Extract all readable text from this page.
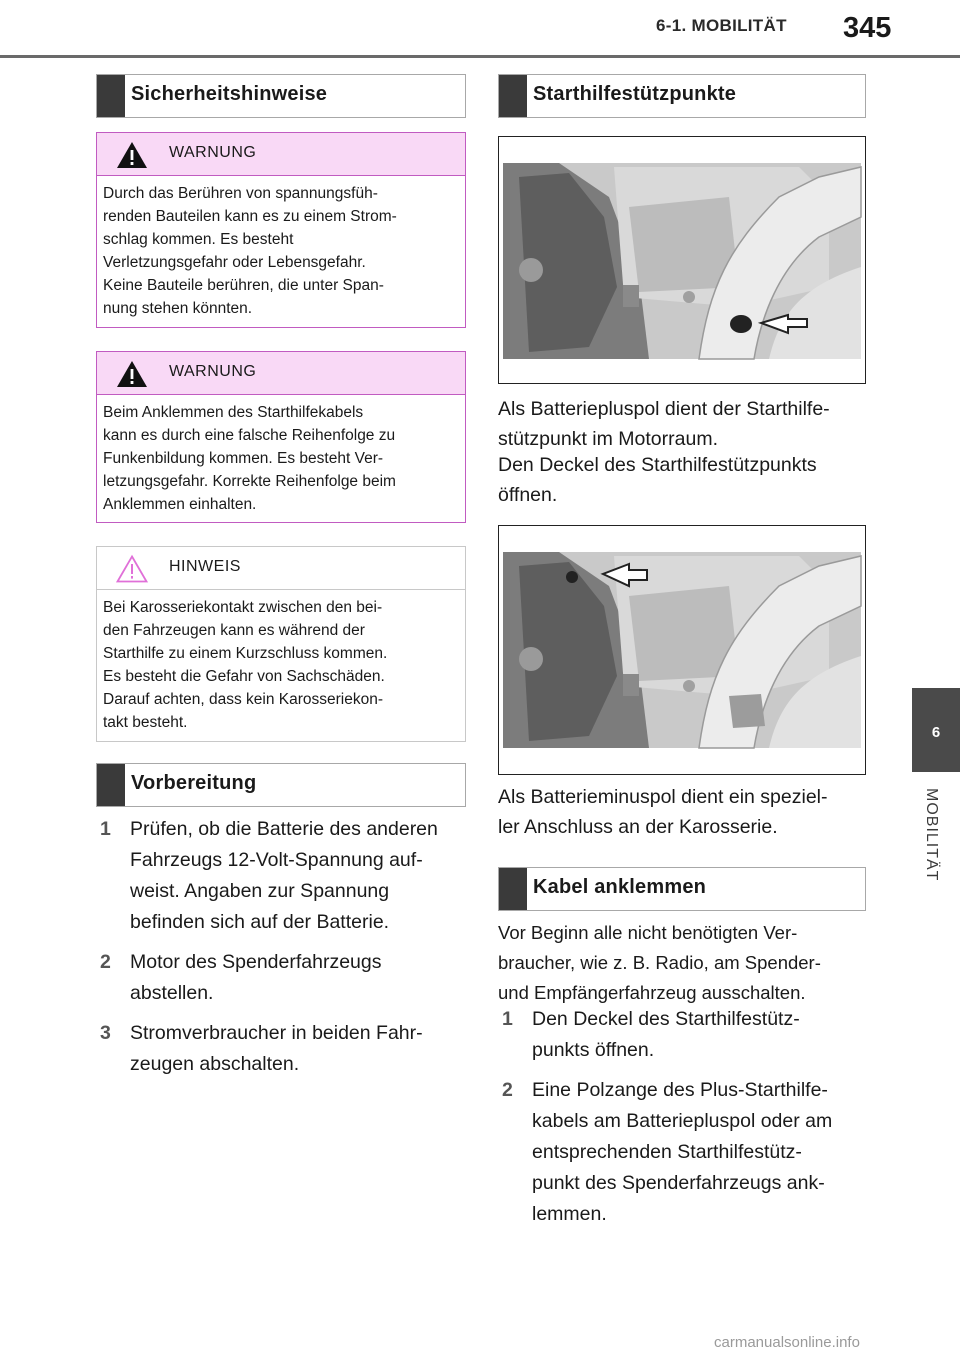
6-1. MOBILITÄT 345
6
MOBILITÄT
Sicherheitshinweise
WARNUNG
Durch das Berühren von spannungsfüh-
renden Bauteilen kann es zu einem Strom-
schlag kommen. Es besteht
Verletzungsgefahr oder Lebensgefahr.
Keine Bauteile berühren, die unter Span-
nung stehen könnten.
WARNUNG
Beim Anklemmen des Starthilfekabels
kann es durch eine falsche Reihenfolge zu
Funkenbildung kommen. Es besteht Ver-
letzungsgefahr. Korrekte Reihenfolge beim
Anklemmen einhalten.
HINWEIS
Bei Karosseriekontakt zwischen den bei-
den Fahrzeugen kann es während der
Starthilfe zu einem Kurzschluss kommen.
Es besteht die Gefahr von Sachschäden.
Darauf achten, dass kein Karosseriekon-
takt besteht.
Vorbereitung
1 Prüfen, ob die Batterie des anderen
Fahrzeugs 12-Volt-Spannung auf-
weist. Angaben zur Spannung
befinden sich auf der Batterie.
2 Motor des Spenderfahrzeugs
abstellen.
3 Stromverbraucher in beiden Fahr-
zeugen abschalten.
Starthilfestützpunkte
Als Batteriepluspol dient der Starthilfe-
stützpunkt im Motorraum.
Den Deckel des Starthilfestützpunkts
öffnen.
Als Batterieminuspol dient ein speziel-
ler Anschluss an der Karosserie.
Kabel anklemmen
Vor Beginn alle nicht benötigten Ver-
braucher, wie z. B. Radio, am Spender-
und Empfängerfahrzeug ausschalten.
1 Den Deckel des Starthilfestütz-
punkts öffnen.
2 Eine Polzange des Plus-Starthilfe-
kabels am Batteriepluspol oder am
entsprechenden Starthilfestütz-
punkt des Spenderfahrzeugs ank-
lemmen.
carmanualsonline.info
